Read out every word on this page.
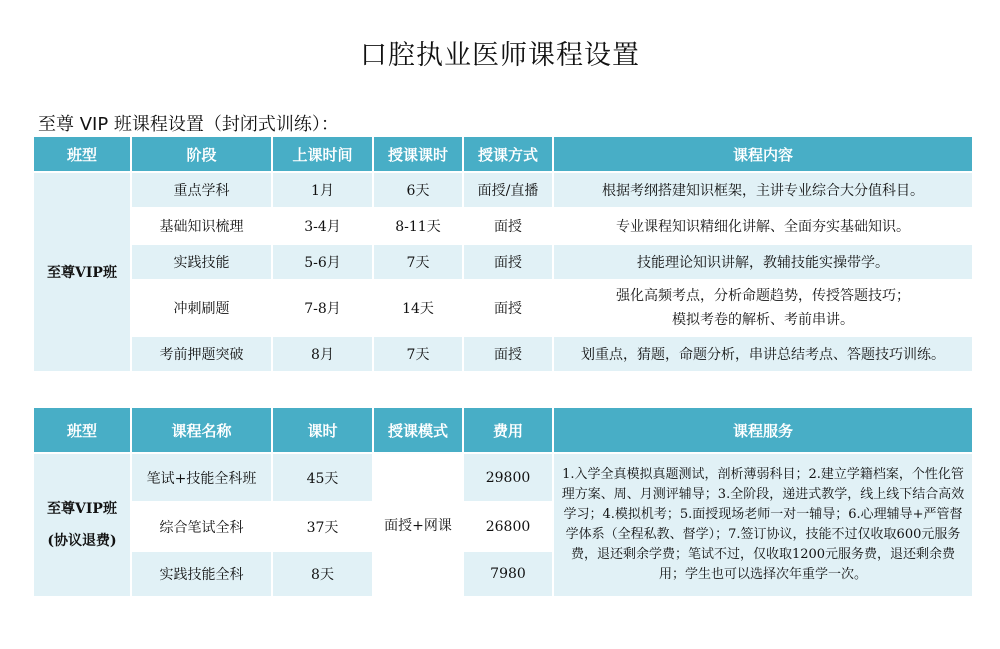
口腔执业医师课程设置
至尊 VIP 班课程设置（封闭式训练）：
班型	阶段	上课时间	授课课时	授课方式	课程内容
至尊VIP班	重点学科	1月	6天	面授/直播	根据考纲搭建知识框架，主讲专业综合大分值科目。
	基础知识梳理	3-4月	8-11天	面授	专业课程知识精细化讲解、全面夯实基础知识。
	实践技能	5-6月	7天	面授	技能理论知识讲解，教辅技能实操带学。
	冲刺刷题	7-8月	14天	面授	强化高频考点，分析命题趋势，传授答题技巧；
模拟考卷的解析、考前串讲。

	考前押题突破	8月	7天	面授	划重点，猜题，命题分析，串讲总结考点、答题技巧训练。
班型	课程名称	课时	授课模式	费用	课程服务

至尊VIP班
(协议退费)	笔试+技能全科班	45天	面授+网课	29800	1.入学全真模拟真题测试，剖析薄弱科目；2.建立学籍档案，个性化管理方案、周、月测评辅导；3.全阶段，递进式教学，线上线下结合高效学习；4.模拟机考；5.面授现场老师一对一辅导；6.心理辅导+严管督学体系（全程私教、督学）；7.签订协议，技能不过仅收取600元服务费，退还剩余学费；笔试不过，仅收取1200元服务费，退还剩余费用；学生也可以选择次年重学一次。
	综合笔试全科	37天		26800	
	实践技能全科	8天		7980	
